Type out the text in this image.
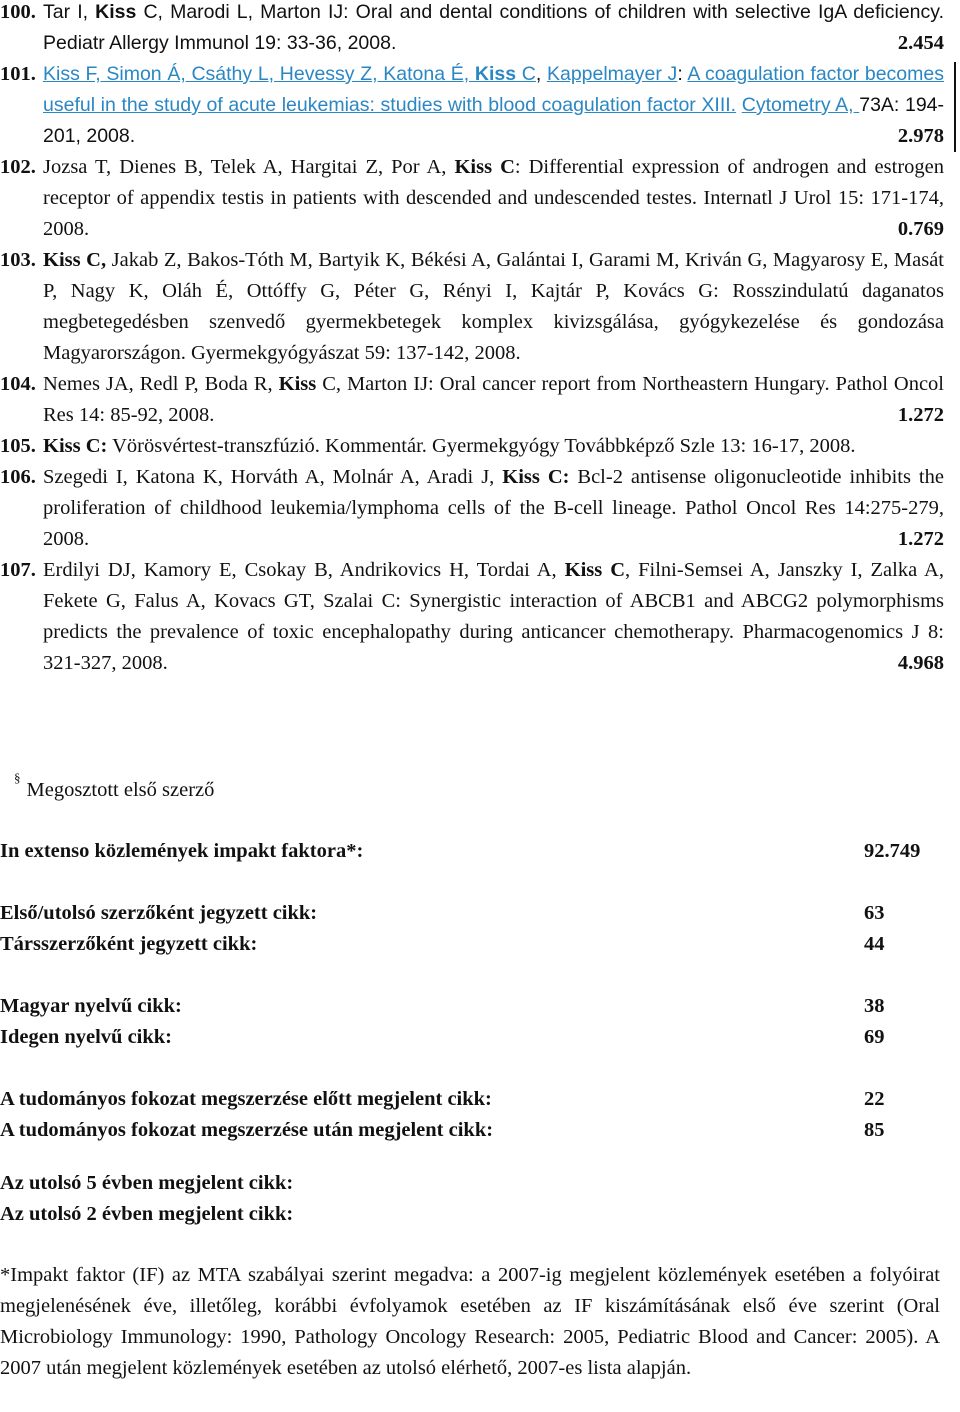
100. Tar I, Kiss C, Marodi L, Marton IJ: Oral and dental conditions of children with selective IgA deficiency. Pediatr Allergy Immunol 19: 33-36, 2008.	2.454
101. Kiss F, Simon Á, Csáthy L, Hevessy Z, Katona É, Kiss C, Kappelmayer J: A coagulation factor becomes useful in the study of acute leukemias: studies with blood coagulation factor XIII. Cytometry A, 73A: 194-201, 2008.	2.978
102. Jozsa T, Dienes B, Telek A, Hargitai Z, Por A, Kiss C: Differential expression of androgen and estrogen receptor of appendix testis in patients with descended and undescended testes. Internatl J Urol 15: 171-174, 2008.	0.769
103. Kiss C, Jakab Z, Bakos-Tóth M, Bartyik K, Békési A, Galántai I, Garami M, Kriván G, Magyarosy E, Masát P, Nagy K, Oláh É, Ottóffy G, Péter G, Rényi I, Kajtár P, Kovács G: Rosszindulatú daganatos megbetegedésben szenvedő gyermekbetegek komplex kivizsgálása, gyógykezelése és gondozása Magyarországon. Gyermekgyógyászat 59: 137-142, 2008.
104. Nemes JA, Redl P, Boda R, Kiss C, Marton IJ: Oral cancer report from Northeastern Hungary. Pathol Oncol Res 14: 85-92, 2008.	1.272
105. Kiss C: Vörösvértest-transzfúzió. Kommentár. Gyermekgyógy Továbbképző Szle 13: 16-17, 2008.
106. Szegedi I, Katona K, Horváth A, Molnár A, Aradi J, Kiss C: Bcl-2 antisense oligonucleotide inhibits the proliferation of childhood leukemia/lymphoma cells of the B-cell lineage. Pathol Oncol Res 14:275-279, 2008.	1.272
107. Erdilyi DJ, Kamory E, Csokay B, Andrikovics H, Tordai A, Kiss C, Filni-Semsei A, Janszky I, Zalka A, Fekete G, Falus A, Kovacs GT, Szalai C: Synergistic interaction of ABCB1 and ABCG2 polymorphisms predicts the prevalence of toxic encephalopathy during anticancer chemotherapy. Pharmacogenomics J 8: 321-327, 2008.	4.968
§Megosztott első szerző
In extenso közlemények impakt faktora*:	92.749
Első/utolsó szerzőként jegyzett cikk:	63
Társszerzőként jegyzett cikk:	44
Magyar nyelvű cikk:	38
Idegen nyelvű cikk:	69
A tudományos fokozat megszerzése előtt megjelent cikk:	22
A tudományos fokozat megszerzése után megjelent cikk:	85
Az utolsó 5 évben megjelent cikk:
Az utolsó 2 évben megjelent cikk:
*Impakt faktor (IF) az MTA szabályai szerint megadva: a 2007-ig megjelent közlemények esetében a folyóirat megjelenésének éve, illetőleg, korábbi évfolyamok esetében az IF kiszámításának első éve szerint (Oral Microbiology Immunology: 1990, Pathology Oncology Research: 2005, Pediatric Blood and Cancer: 2005). A 2007 után megjelent közlemények esetében az utolsó elérhető, 2007-es lista alapján.
